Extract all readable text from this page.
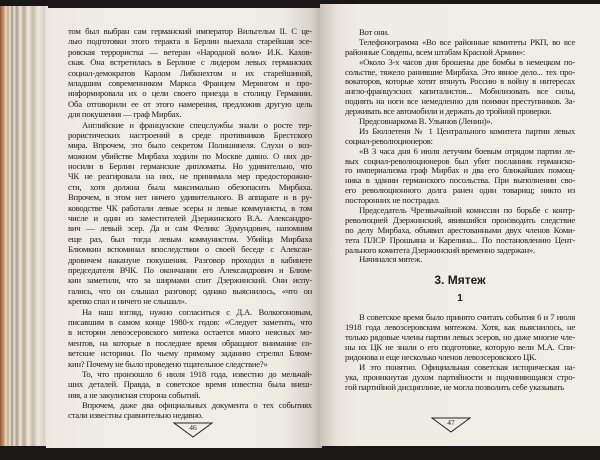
том был выбран сам германский император Вильгельм II. С це-
лью подготовки этого теракта в Берлин выехала старейшая эсе-
ровская террористка — ветеран «Народной воли» И.К. Кахов-
ская. Она встретилась в Берлине с лидером левых германских
социал-демократов Карлом Либкнехтом и их старейшиной,
младшим современником Маркса Францем Мерингом и про-
информировала их о цели своего приезда в столицу Германии.
Оба отговорили ее от этого намерения, предложив другую цель
для покушения — граф Мирбах.
Английские и французские спецслужбы знали о росте тер-
рористических настроений в среде противников Брестского
мира. Впрочем, это было секретом Полишинеля. Слухи о воз-
можном убийстве Мирбаха ходили по Москве давно. О них до-
носили в Берлин германские дипломаты. Но удивительно, что
ЧК не реагировала на них, не принимала мер предосторожно-
сти, хотя должна была максимально обезопасить Мирбаха.
Впрочем, в этом нет ничего удивительного. В аппарате и в ру-
ководстве ЧК работали левые эсеры и левые коммунисты, в том
числе и один из заместителей Дзержинского В.А. Александро-
вич — левый эсер. Да и сам Феликс Эдмундович, напомним
еще раз, был тогда левым коммунистом. Убийца Мирбаха
Блюмкин вспоминал впоследствии о своей беседе с Алексан-
дровичем накануне покушения. Разговор проходил в кабинете
председателя ВЧК. По окончании его Александрович и Блюм-
кин заметили, что за ширмами спит Дзержинский. Они испу-
гались, что он слышал разговор; однако выяснилось, «что он
крепко спал и ничего не слышал».
На наш взгляд, нужно согласиться с Д.А. Волкогоновым,
писавшим в самом конце 1980-х годов: «Следует заметить, что
в истории левоэсеровского мятежа остается много неясных мо-
ментов, на которые в последнее время обращают внимание со-
ветские историки. По чьему прямому заданию стрелял Блюм-
кин? Почему не было проведено тщательное следствие?»
То, что произошло 6 июля 1918 года, известно до мельчай-
ших деталей. Правда, в советское время известна была внеш-
няя, а не закулисная сторона событий.
Впрочем, даже два официальных документа о тех событиях
стали известны сравнительно недавно.
Вот они.
Телефонограмма «Во все районные комитеты РКП, во все
районные Совдепы, всем штабам Красной Армии»:
«Около 3-х часов дня брошены две бомбы в немецком по-
сольстве, тяжело ранившие Мирбаха. Это явное дело... тех про-
вокаторов, которые хотят втянуть Россию в войну в интересах
англо-французских капиталистов... Мобилизовать все силы,
поднять на ноги все немедленно для поимки преступников. За-
держивать все автомобили и держать до тройной проверки.
Предсовнаркома В. Ульянов (Ленин)».
Из Бюллетеня № 1 Центрального комитета партии левых
социал-революционеров:
«В 3 часа дня 6 июля летучим боевым отрядом партии ле-
вых социал-революционеров был убит посланник германско-
го империализма граф Мирбах и два его ближайших помощ-
ника в здании германского посольства. При выполнении сво-
его революционного долга ранен один товарищ; никто из
посторонних не пострадал.
Председатель Чрезвычайной комиссии по борьбе с контр-
революцией Дзержинский, явившийся производить следствие
по делу Мирбаха, объявил арестованными двух членов Коми-
тета ПЛСР Прошьяна и Карелина... По постановлению Цент-
рального комитета Дзержинский временно задержан».
Начинался мятеж.
3. Мятеж
1
В советское время было принято считать события 6 и 7 июля
1918 года левоэсеровским мятежом. Хотя, как выяснилось, не
только рядовые члены партии левых эсеров, но даже многие чле-
ны их ЦК не знали о его подготовке, которую вели М.А. Спи-
ридонова и еще несколько членов левоэсеровского ЦК.
И это понятно. Официальная советская историческая на-
ука, проникнутая духом партийности и подчиняющаяся стро-
гой партийной дисциплине, не могла позволить себе указывать
46
47
